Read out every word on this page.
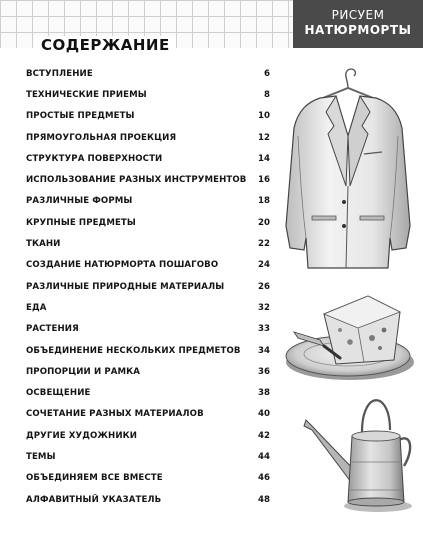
РИСУЕМ
НАТЮРМОРТЫ
СОДЕРЖАНИЕ
ВСТУПЛЕНИЕ	6
ТЕХНИЧЕСКИЕ ПРИЕМЫ	8
ПРОСТЫЕ ПРЕДМЕТЫ	10
ПРЯМОУГОЛЬНАЯ ПРОЕКЦИЯ	12
СТРУКТУРА ПОВЕРХНОСТИ	14
ИСПОЛЬЗОВАНИЕ РАЗНЫХ ИНСТРУМЕНТОВ 16
РАЗЛИЧНЫЕ ФОРМЫ	18
КРУПНЫЕ ПРЕДМЕТЫ	20
ТКАНИ	22
СОЗДАНИЕ НАТЮРМОРТА ПОШАГОВО	24
РАЗЛИЧНЫЕ ПРИРОДНЫЕ МАТЕРИАЛЫ	26
ЕДА	32
РАСТЕНИЯ	33
ОБЪЕДИНЕНИЕ НЕСКОЛЬКИХ ПРЕДМЕТОВ 34
ПРОПОРЦИИ И РАМКА	36
ОСВЕЩЕНИЕ	38
СОЧЕТАНИЕ РАЗНЫХ МАТЕРИАЛОВ	40
ДРУГИЕ ХУДОЖНИКИ	42
ТЕМЫ	44
ОБЪЕДИНЯЕМ ВСЕ ВМЕСТЕ	46
АЛФАВИТНЫЙ УКАЗАТЕЛЬ	48
